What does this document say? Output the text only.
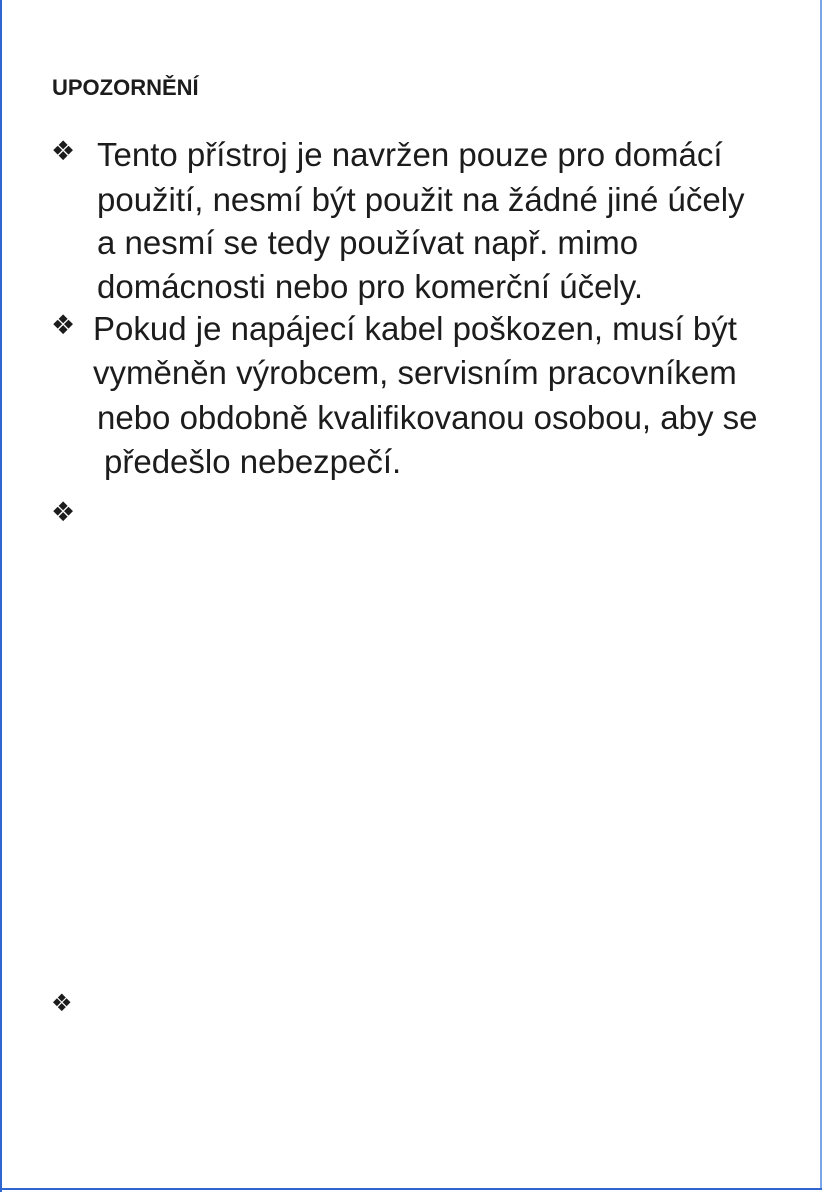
UPOZORNĚNÍ
❖ Tento přístroj je navržen pouze pro domácí
použití, nesmí být použit na žádné jiné účely
a nesmí se tedy používat např. mimo
domácnosti nebo pro komerční účely.
❖ Pokud je napájecí kabel poškozen, musí být
vyměněn výrobcem, servisním pracovníkem
nebo obdobně kvalifikovanou osobou, aby se
předešlo nebezpečí.
❖
❖
